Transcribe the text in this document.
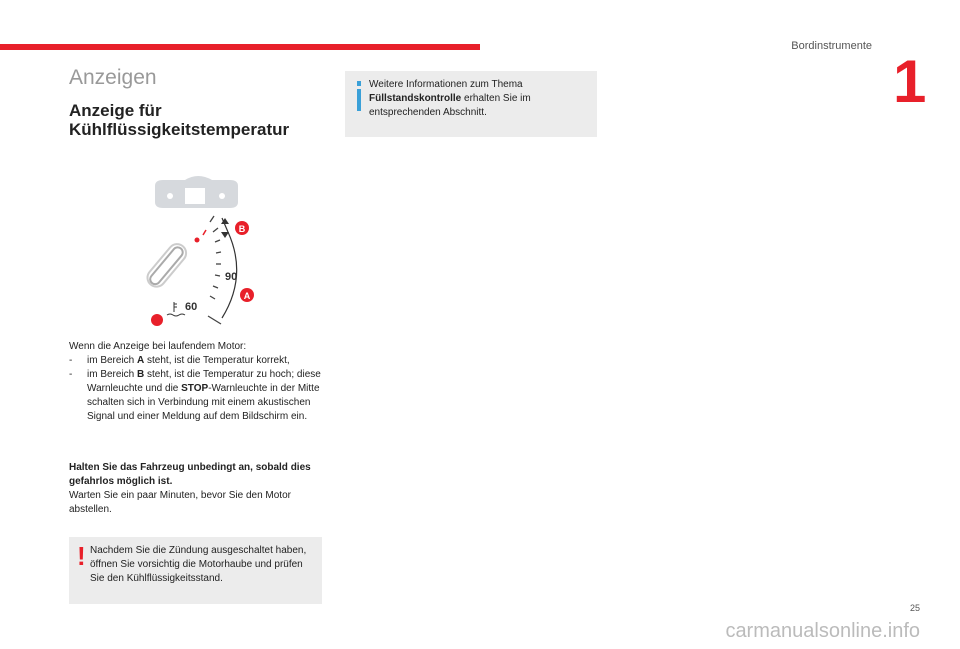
Bordinstrumente
1
Anzeigen
Anzeige für
Kühlflüssigkeitstemperatur
Weitere Informationen zum Thema Füllstandskontrolle erhalten Sie im entsprechenden Abschnitt.
B
A
90
60

Wenn die Anzeige bei laufendem Motor:

- im Bereich A steht, ist die Temperatur korrekt,
- im Bereich B steht, ist die Temperatur zu hoch; diese Warnleuchte und die STOP-Warnleuchte in der Mitte schalten sich in Verbindung mit einem akustischen Signal und einer Meldung auf dem Bildschirm ein.

Halten Sie das Fahrzeug unbedingt an, sobald dies gefahrlos möglich ist.

Warten Sie ein paar Minuten, bevor Sie den Motor abstellen.

! Nachdem Sie die Zündung ausgeschaltet haben, öffnen Sie vorsichtig die Motorhaube und prüfen Sie den Kühlflüssigkeitsstand.
25
carmanualsonline.info
